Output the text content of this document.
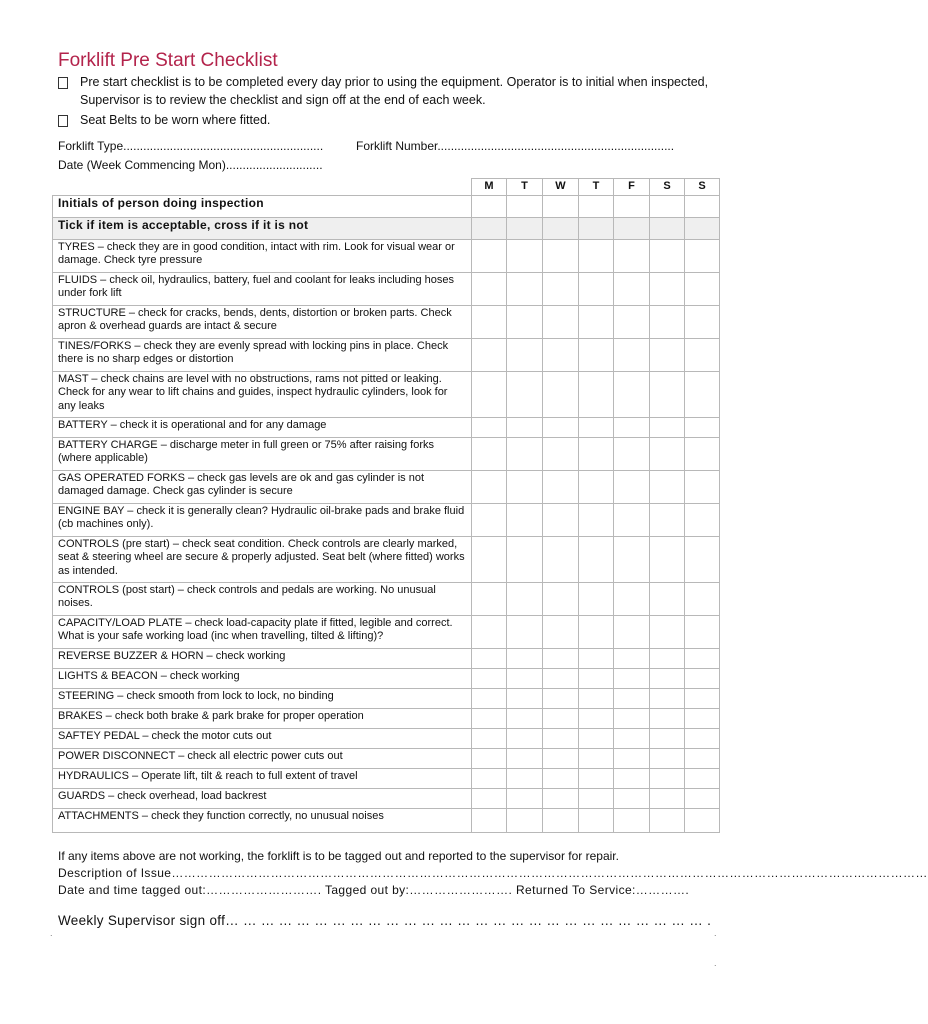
Forklift Pre Start Checklist
Pre start checklist is to be completed every day prior to using the equipment. Operator is to initial when inspected, Supervisor is to review the checklist and sign off at the end of each week.
Seat Belts to be worn where fitted.
Forklift Type............................................................	Forklift Number.......................................................................
Date (Week Commencing Mon).............................
	M	T	W	T	F	S	S
Initials of person doing inspection							
Tick if item is acceptable, cross if it is not							
TYRES – check they are in good condition, intact with rim. Look for visual wear or damage. Check tyre pressure							
FLUIDS – check oil, hydraulics, battery, fuel and coolant for leaks including hoses under fork lift							
STRUCTURE – check for cracks, bends, dents, distortion or broken parts. Check apron & overhead guards are intact & secure							
TINES/FORKS – check they are evenly spread with locking pins in place. Check there is no sharp edges or distortion							
MAST – check chains are level with no obstructions, rams not pitted or leaking. Check for any wear to lift chains and guides, inspect hydraulic cylinders, look for any leaks							
BATTERY – check it is operational and for any damage							
BATTERY CHARGE – discharge meter in full green or 75% after raising forks (where applicable)							
GAS OPERATED FORKS – check gas levels are ok and gas cylinder is not damaged damage. Check gas cylinder is secure							
ENGINE BAY – check it is generally clean? Hydraulic oil-brake pads and brake fluid (cb machines only).							
CONTROLS (pre start) – check seat condition. Check controls are clearly marked, seat & steering wheel are secure & properly adjusted. Seat belt (where fitted) works as intended.							
CONTROLS (post start) – check controls and pedals are working. No unusual noises.							
CAPACITY/LOAD PLATE – check load-capacity plate if fitted, legible and correct. What is your safe working load (inc when travelling, tilted & lifting)?							
REVERSE BUZZER & HORN – check working							
LIGHTS & BEACON – check working							
STEERING – check smooth from lock to lock, no binding							
BRAKES – check both brake & park brake for proper operation							
SAFTEY PEDAL – check the motor cuts out							
POWER DISCONNECT – check all electric power cuts out							
HYDRAULICS – Operate lift, tilt & reach to full extent of travel							
GUARDS – check overhead, load backrest							
ATTACHMENTS – check they function correctly, no unusual noises							
If any items above are not working, the forklift is to be tagged out and reported to the supervisor for repair.
Description of Issue…………………………………………………………………………………………………………………………………………………………………
Date and time tagged out:………………………. Tagged out by:……………………. Returned To Service:………….
Weekly Supervisor sign off… … … … … … … … … … … … … … … … … … … … … … … … … … … .
.	.
.
